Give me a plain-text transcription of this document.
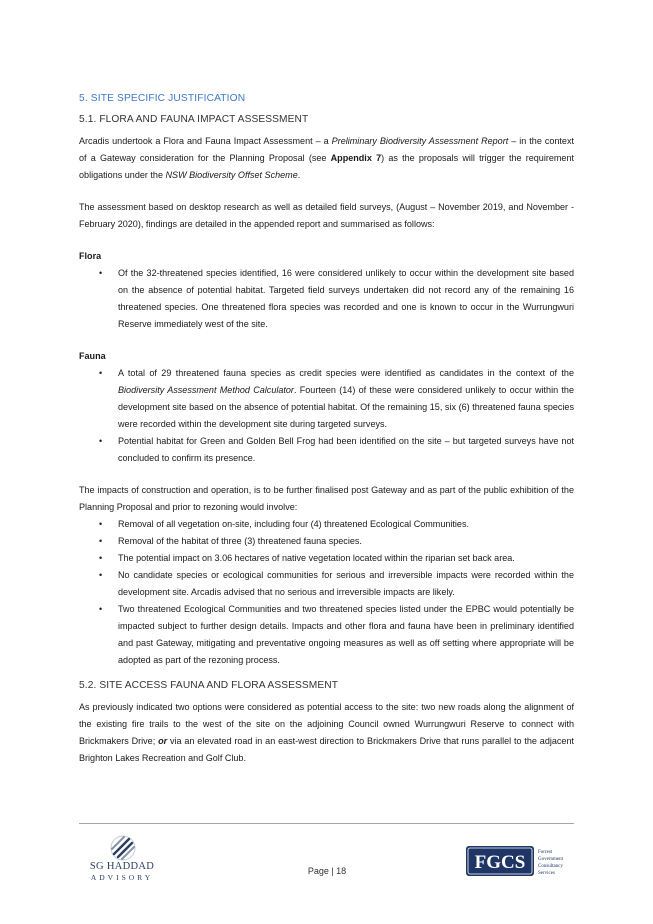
5. SITE SPECIFIC JUSTIFICATION
5.1. FLORA AND FAUNA IMPACT ASSESSMENT

Arcadis undertook a Flora and Fauna Impact Assessment – a Preliminary Biodiversity Assessment Report – in the context of a Gateway consideration for the Planning Proposal (see Appendix 7) as the proposals will trigger the requirement obligations under the NSW Biodiversity Offset Scheme.

The assessment based on desktop research as well as detailed field surveys, (August – November 2019, and November - February 2020), findings are detailed in the appended report and summarised as follows:

Flora
• Of the 32-threatened species identified, 16 were considered unlikely to occur within the development site based on the absence of potential habitat. Targeted field surveys undertaken did not record any of the remaining 16 threatened species. One threatened flora species was recorded and one is known to occur in the Wurrungwuri Reserve immediately west of the site.
Fauna
• A total of 29 threatened fauna species as credit species were identified as candidates in the context of the Biodiversity Assessment Method Calculator. Fourteen (14) of these were considered unlikely to occur within the development site based on the absence of potential habitat. Of the remaining 15, six (6) threatened fauna species were recorded within the development site during targeted surveys.
• Potential habitat for Green and Golden Bell Frog had been identified on the site – but targeted surveys have not concluded to confirm its presence.

The impacts of construction and operation, is to be further finalised post Gateway and as part of the public exhibition of the Planning Proposal and prior to rezoning would involve:

• Removal of all vegetation on-site, including four (4) threatened Ecological Communities.
• Removal of the habitat of three (3) threatened fauna species.
• The potential impact on 3.06 hectares of native vegetation located within the riparian set back area.
• No candidate species or ecological communities for serious and irreversible impacts were recorded within the development site. Arcadis advised that no serious and irreversible impacts are likely.
• Two threatened Ecological Communities and two threatened species listed under the EPBC would potentially be impacted subject to further design details. Impacts and other flora and fauna have been in preliminary identified and past Gateway, mitigating and preventative ongoing measures as well as off setting where appropriate will be adopted as part of the rezoning process.
5.2. SITE ACCESS FAUNA AND FLORA ASSESSMENT

As previously indicated two options were considered as potential access to the site: two new roads along the alignment of the existing fire trails to the west of the site on the adjoining Council owned Wurrungwuri Reserve to connect with Brickmakers Drive; or via an elevated road in an east-west direction to Brickmakers Drive that runs parallel to the adjacent Brighton Lakes Recreation and Golf Club.

SG HADDAD
ADVISORY
Page | 18	FGCS	Forrest
Government
Consultancy
Services
